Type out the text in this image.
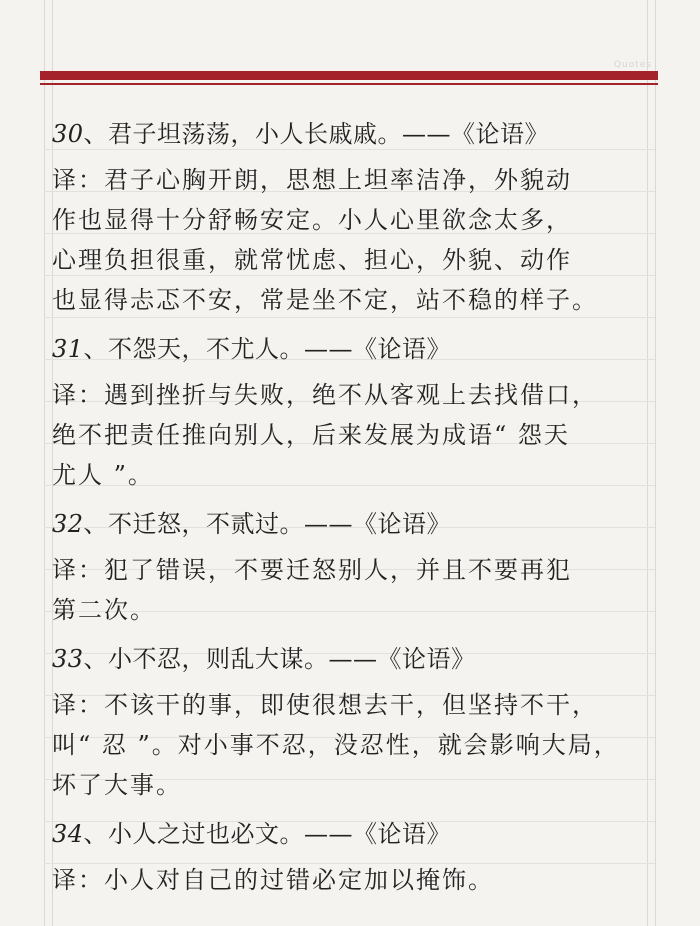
Quotes
30、君子坦荡荡，小人长戚戚。——《论语》
译：君子心胸开朗，思想上坦率洁净，外貌动
作也显得十分舒畅安定。小人心里欲念太多，
心理负担很重，就常忧虑、担心，外貌、动作
也显得忐忑不安，常是坐不定，站不稳的样子。
31、不怨天，不尤人。——《论语》
译：遇到挫折与失败，绝不从客观上去找借口，
绝不把责任推向别人，后来发展为成语“ 怨天
尤人 ”。
32、不迁怒，不贰过。——《论语》
译：犯了错误，不要迁怒别人，并且不要再犯
第二次。
33、小不忍，则乱大谋。——《论语》
译：不该干的事，即使很想去干，但坚持不干，
叫“ 忍 ”。对小事不忍，没忍性，就会影响大局，
坏了大事。
34、小人之过也必文。——《论语》
译：小人对自己的过错必定加以掩饰。
